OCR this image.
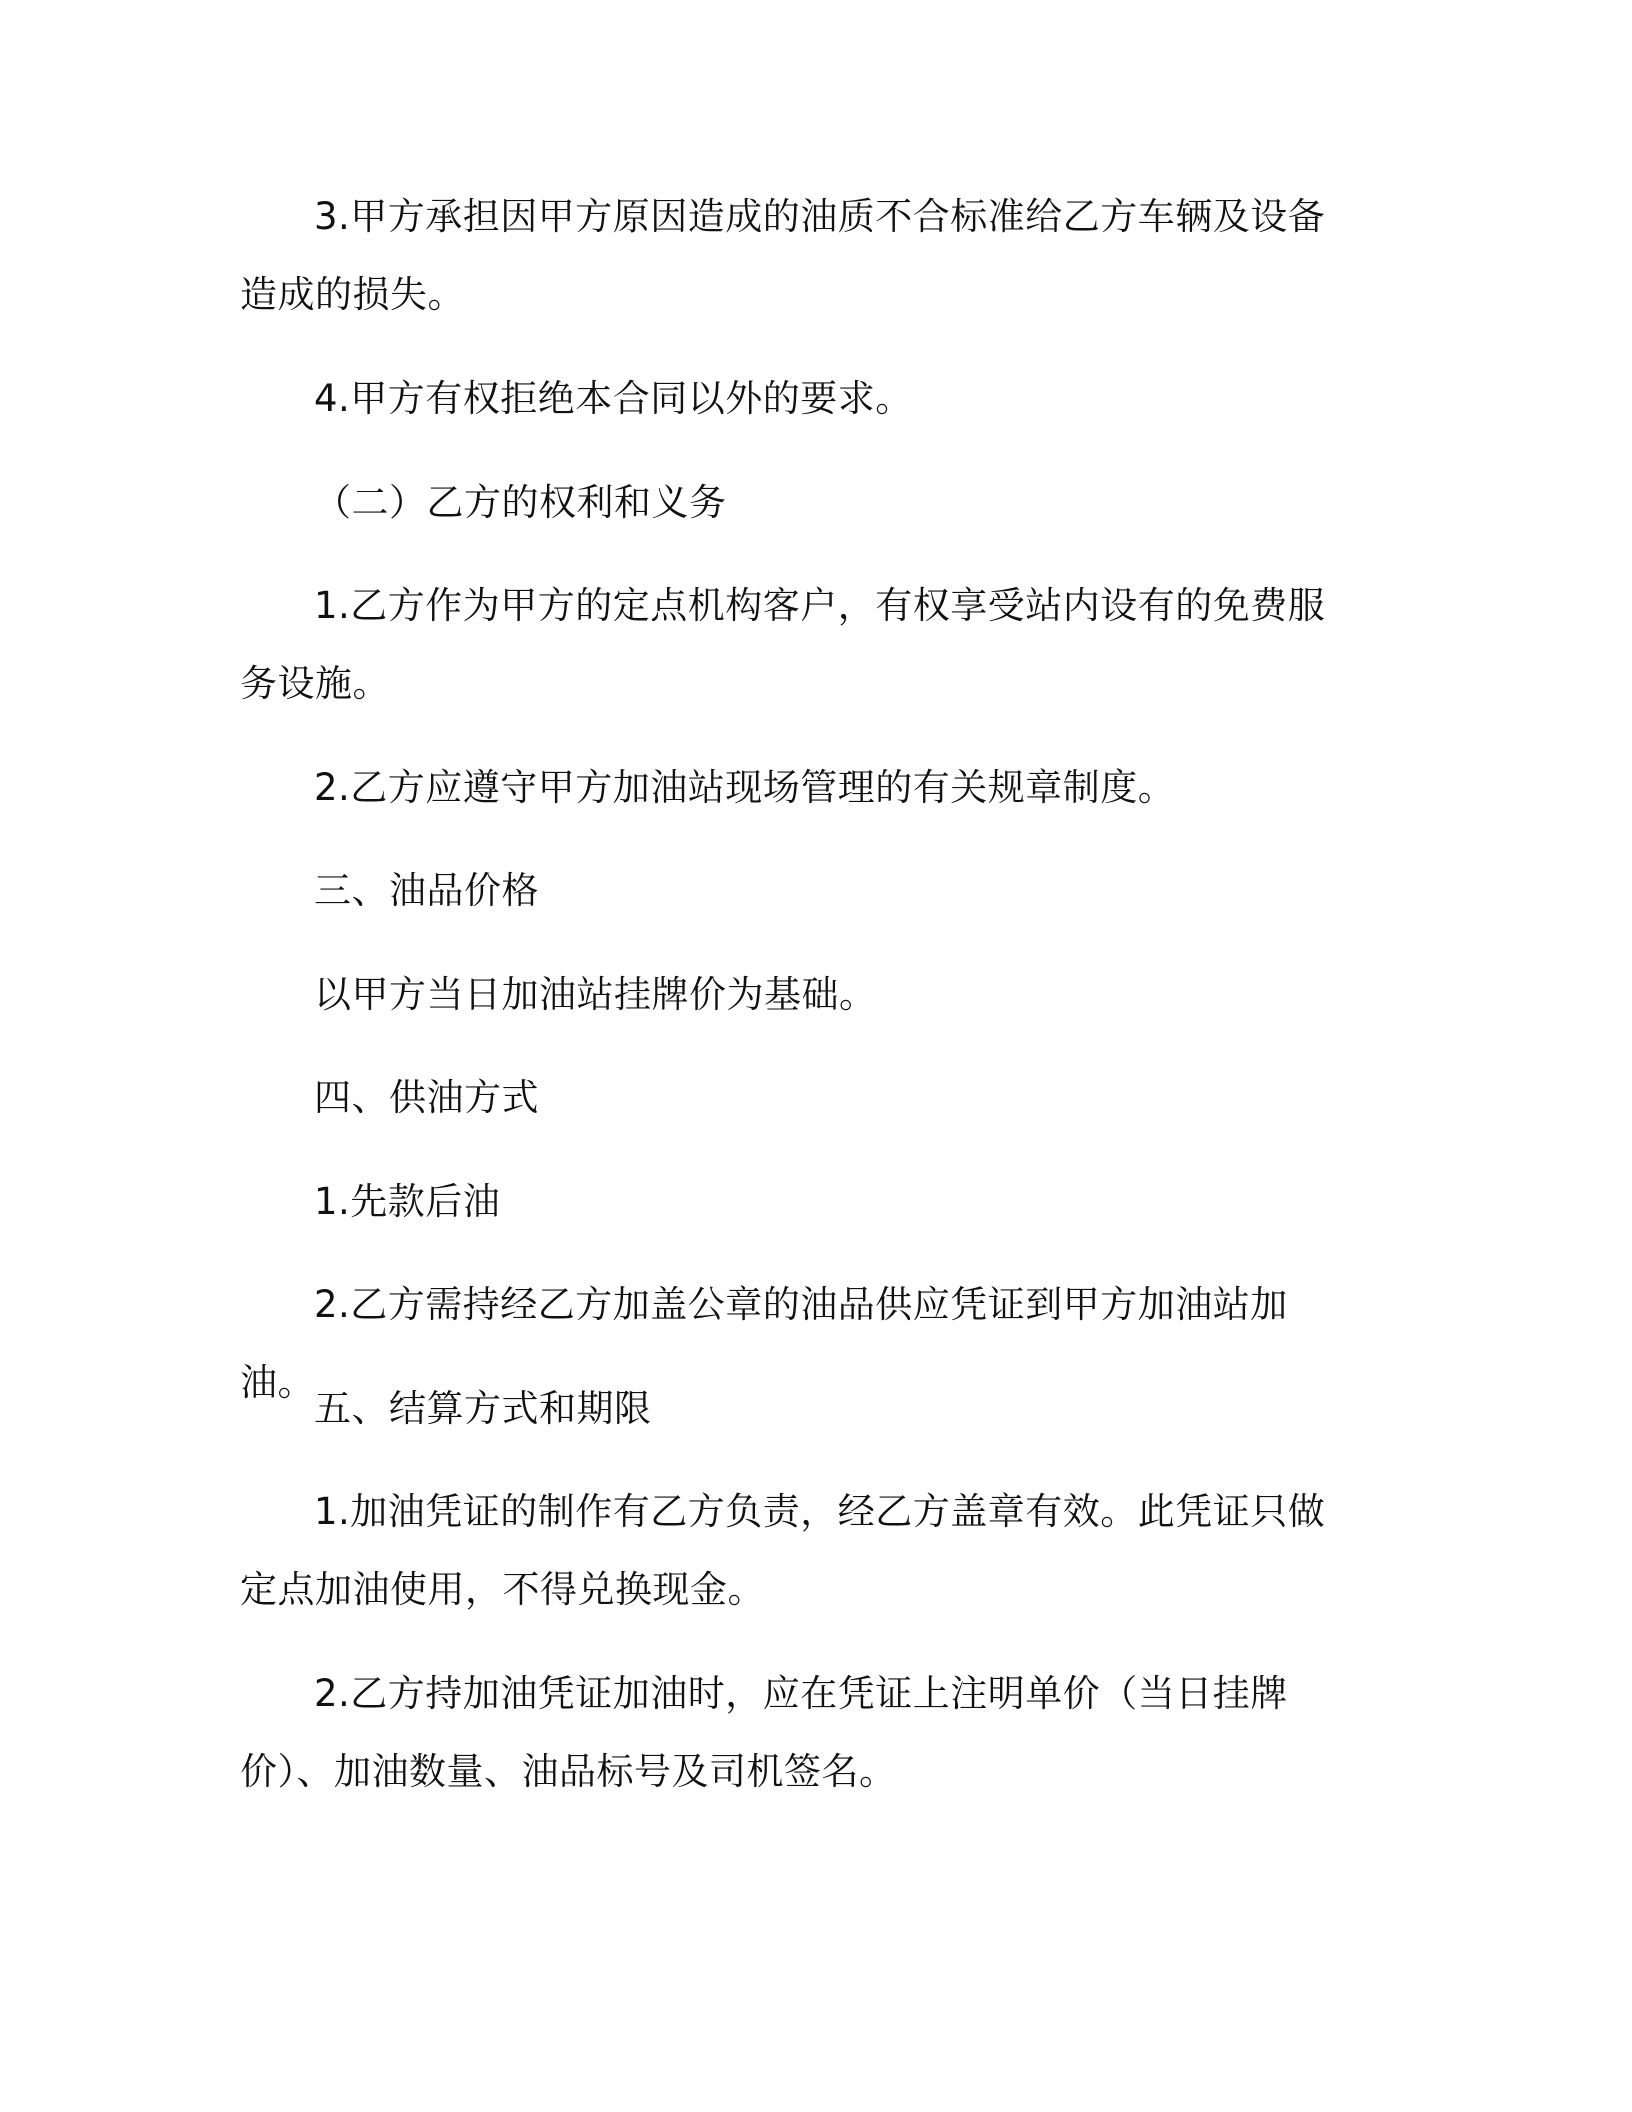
3.甲方承担因甲方原因造成的油质不合标准给乙方车辆及设备造成的损失。

4.甲方有权拒绝本合同以外的要求。

（二）乙方的权利和义务

1.乙方作为甲方的定点机构客户，有权享受站内设有的免费服务设施。

2.乙方应遵守甲方加油站现场管理的有关规章制度。

三、油品价格

以甲方当日加油站挂牌价为基础。

四、供油方式

1.先款后油

2.乙方需持经乙方加盖公章的油品供应凭证到甲方加油站加油。

五、结算方式和期限

1.加油凭证的制作有乙方负责，经乙方盖章有效。此凭证只做定点加油使用，不得兑换现金。

2.乙方持加油凭证加油时，应在凭证上注明单价（当日挂牌价）、加油数量、油品标号及司机签名。
